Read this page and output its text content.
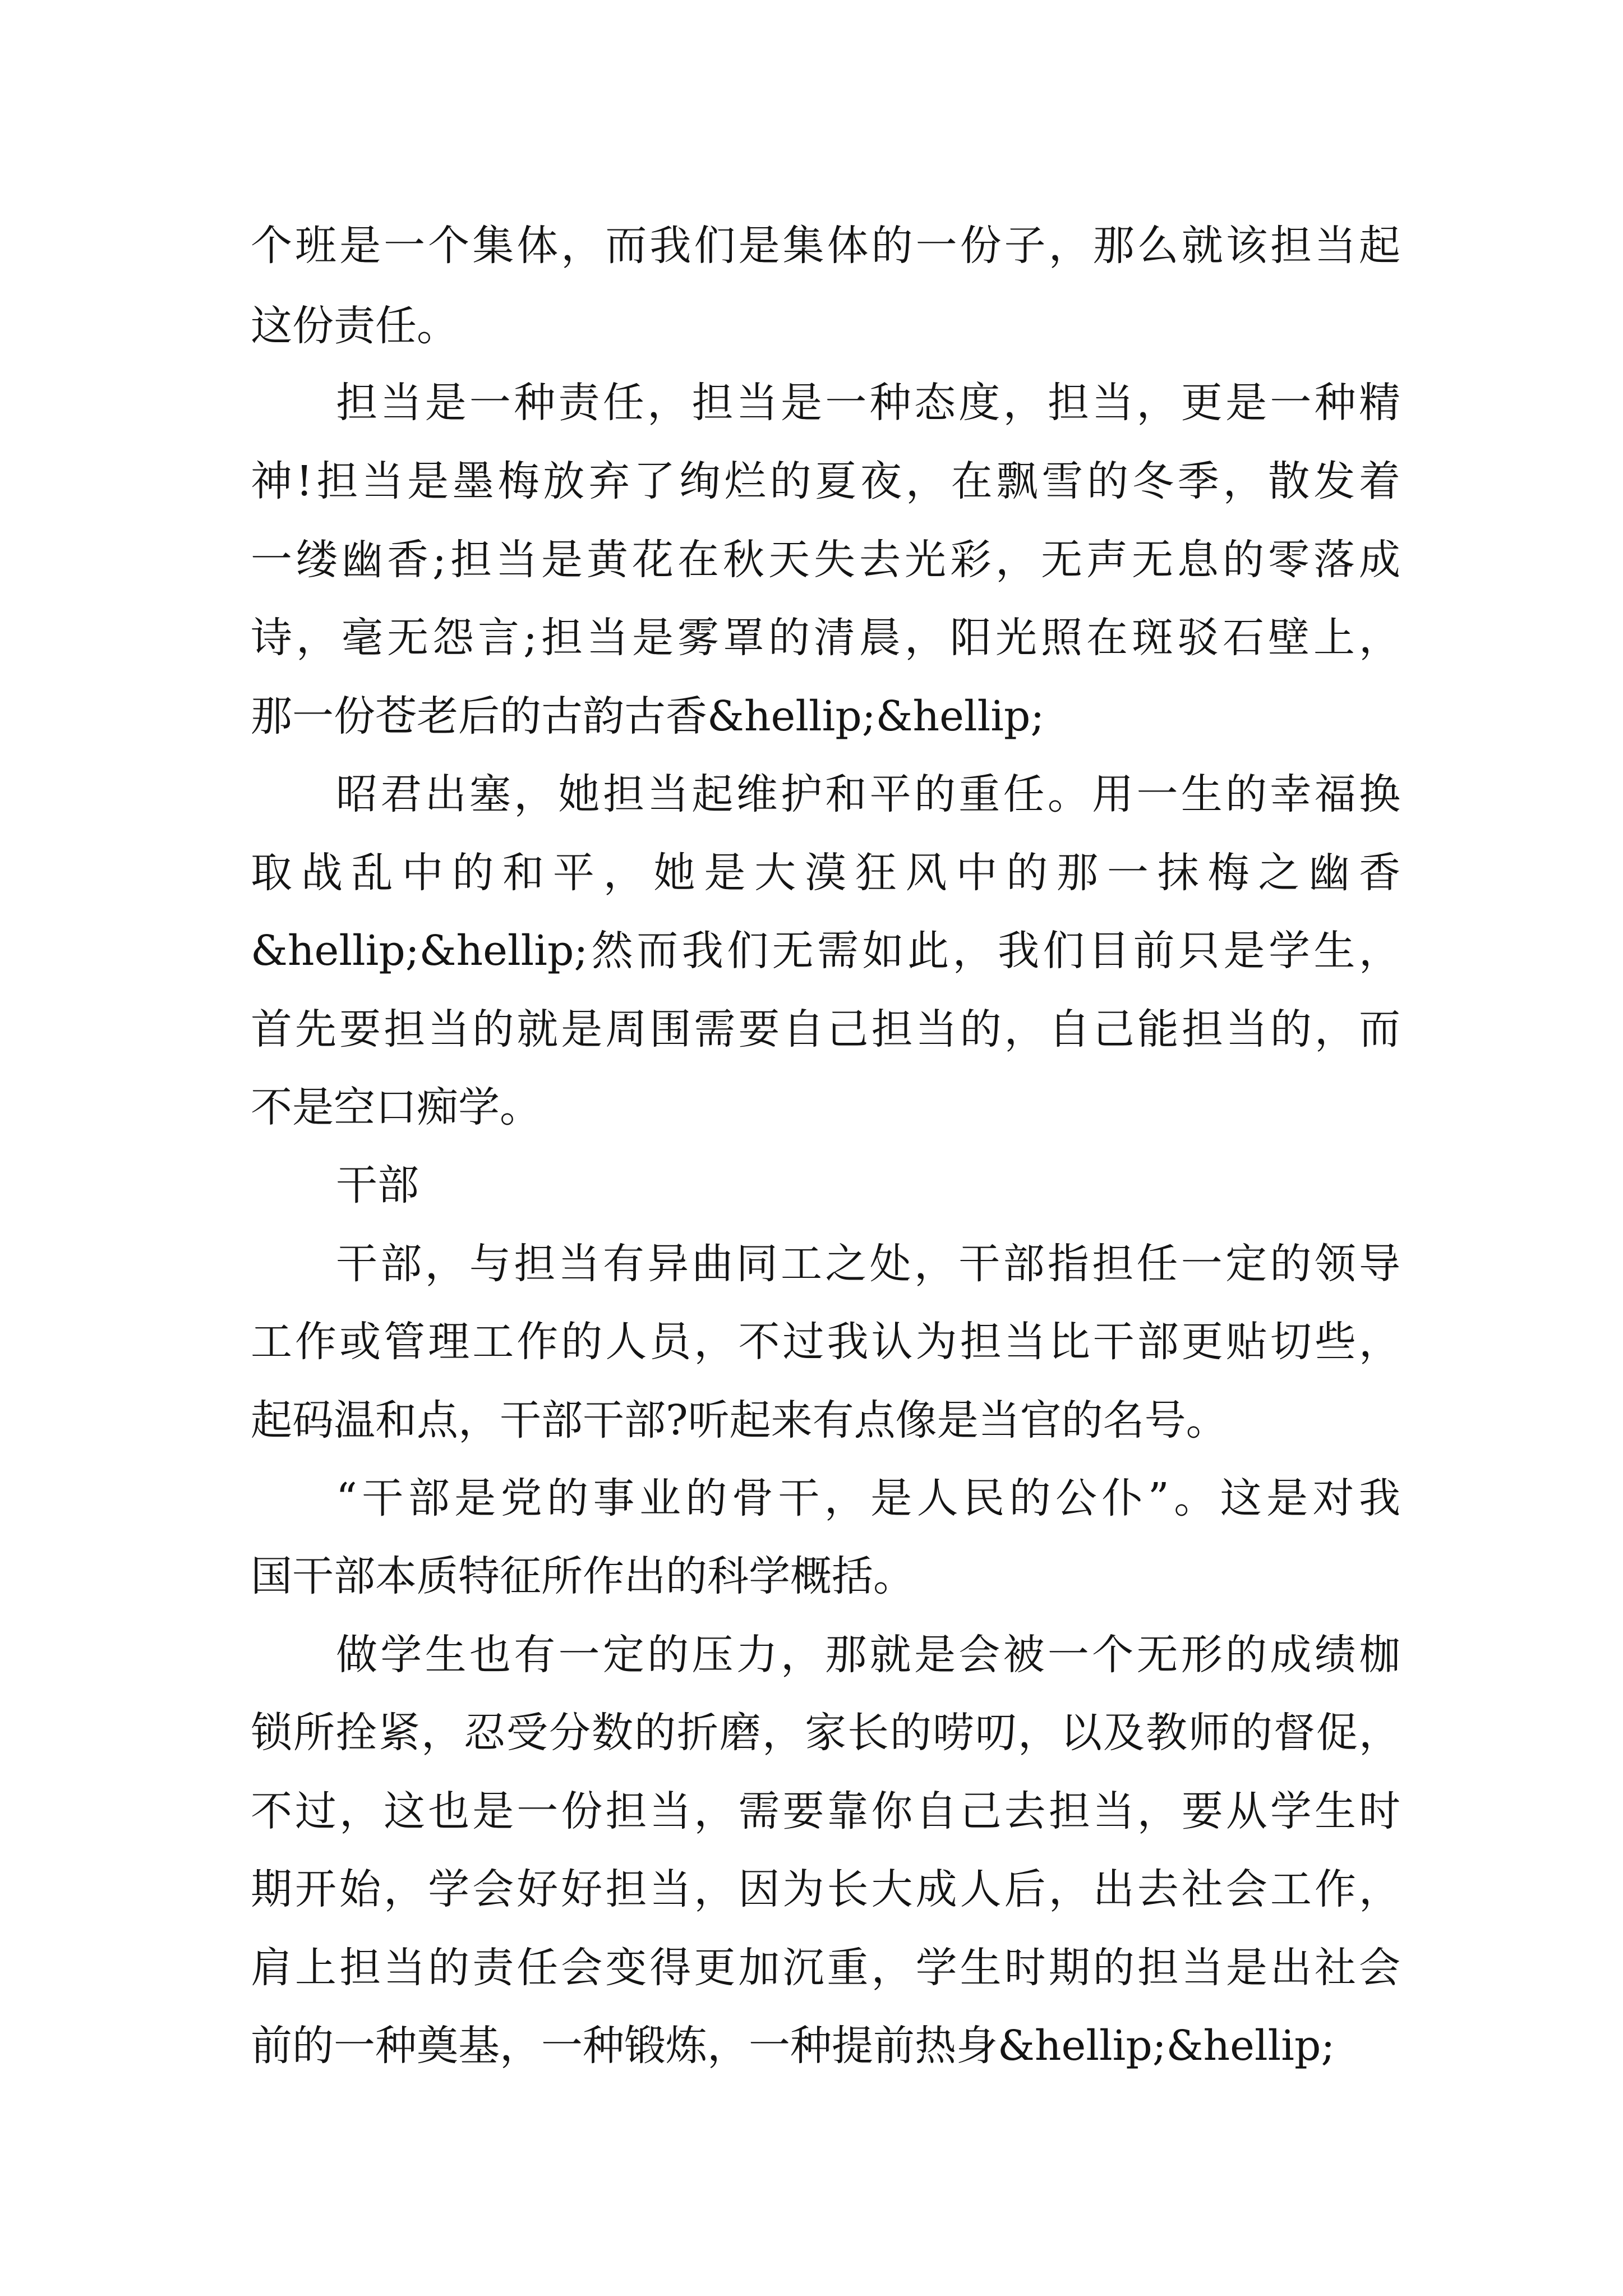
个班是一个集体，而我们是集体的一份子，那么就该担当起
这份责任。
担当是一种责任，担当是一种态度，担当，更是一种精
神!担当是墨梅放弃了绚烂的夏夜，在飘雪的冬季，散发着
一缕幽香;担当是黄花在秋天失去光彩，无声无息的零落成
诗，毫无怨言;担当是雾罩的清晨，阳光照在斑驳石壁上，
那一份苍老后的古韵古香&hellip;&hellip;
昭君出塞，她担当起维护和平的重任。用一生的幸福换
取战乱中的和平，她是大漠狂风中的那一抹梅之幽香
&hellip;&hellip;然而我们无需如此，我们目前只是学生，
首先要担当的就是周围需要自己担当的，自己能担当的，而
不是空口痴学。
干部
干部，与担当有异曲同工之处，干部指担任一定的领导
工作或管理工作的人员，不过我认为担当比干部更贴切些，
起码温和点，干部干部?听起来有点像是当官的名号。
“干部是党的事业的骨干，是人民的公仆”。这是对我
国干部本质特征所作出的科学概括。
做学生也有一定的压力，那就是会被一个无形的成绩枷
锁所拴紧，忍受分数的折磨，家长的唠叨，以及教师的督促，
不过，这也是一份担当，需要靠你自己去担当，要从学生时
期开始，学会好好担当，因为长大成人后，出去社会工作，
肩上担当的责任会变得更加沉重，学生时期的担当是出社会
前的一种奠基，一种锻炼，一种提前热身&hellip;&hellip;
